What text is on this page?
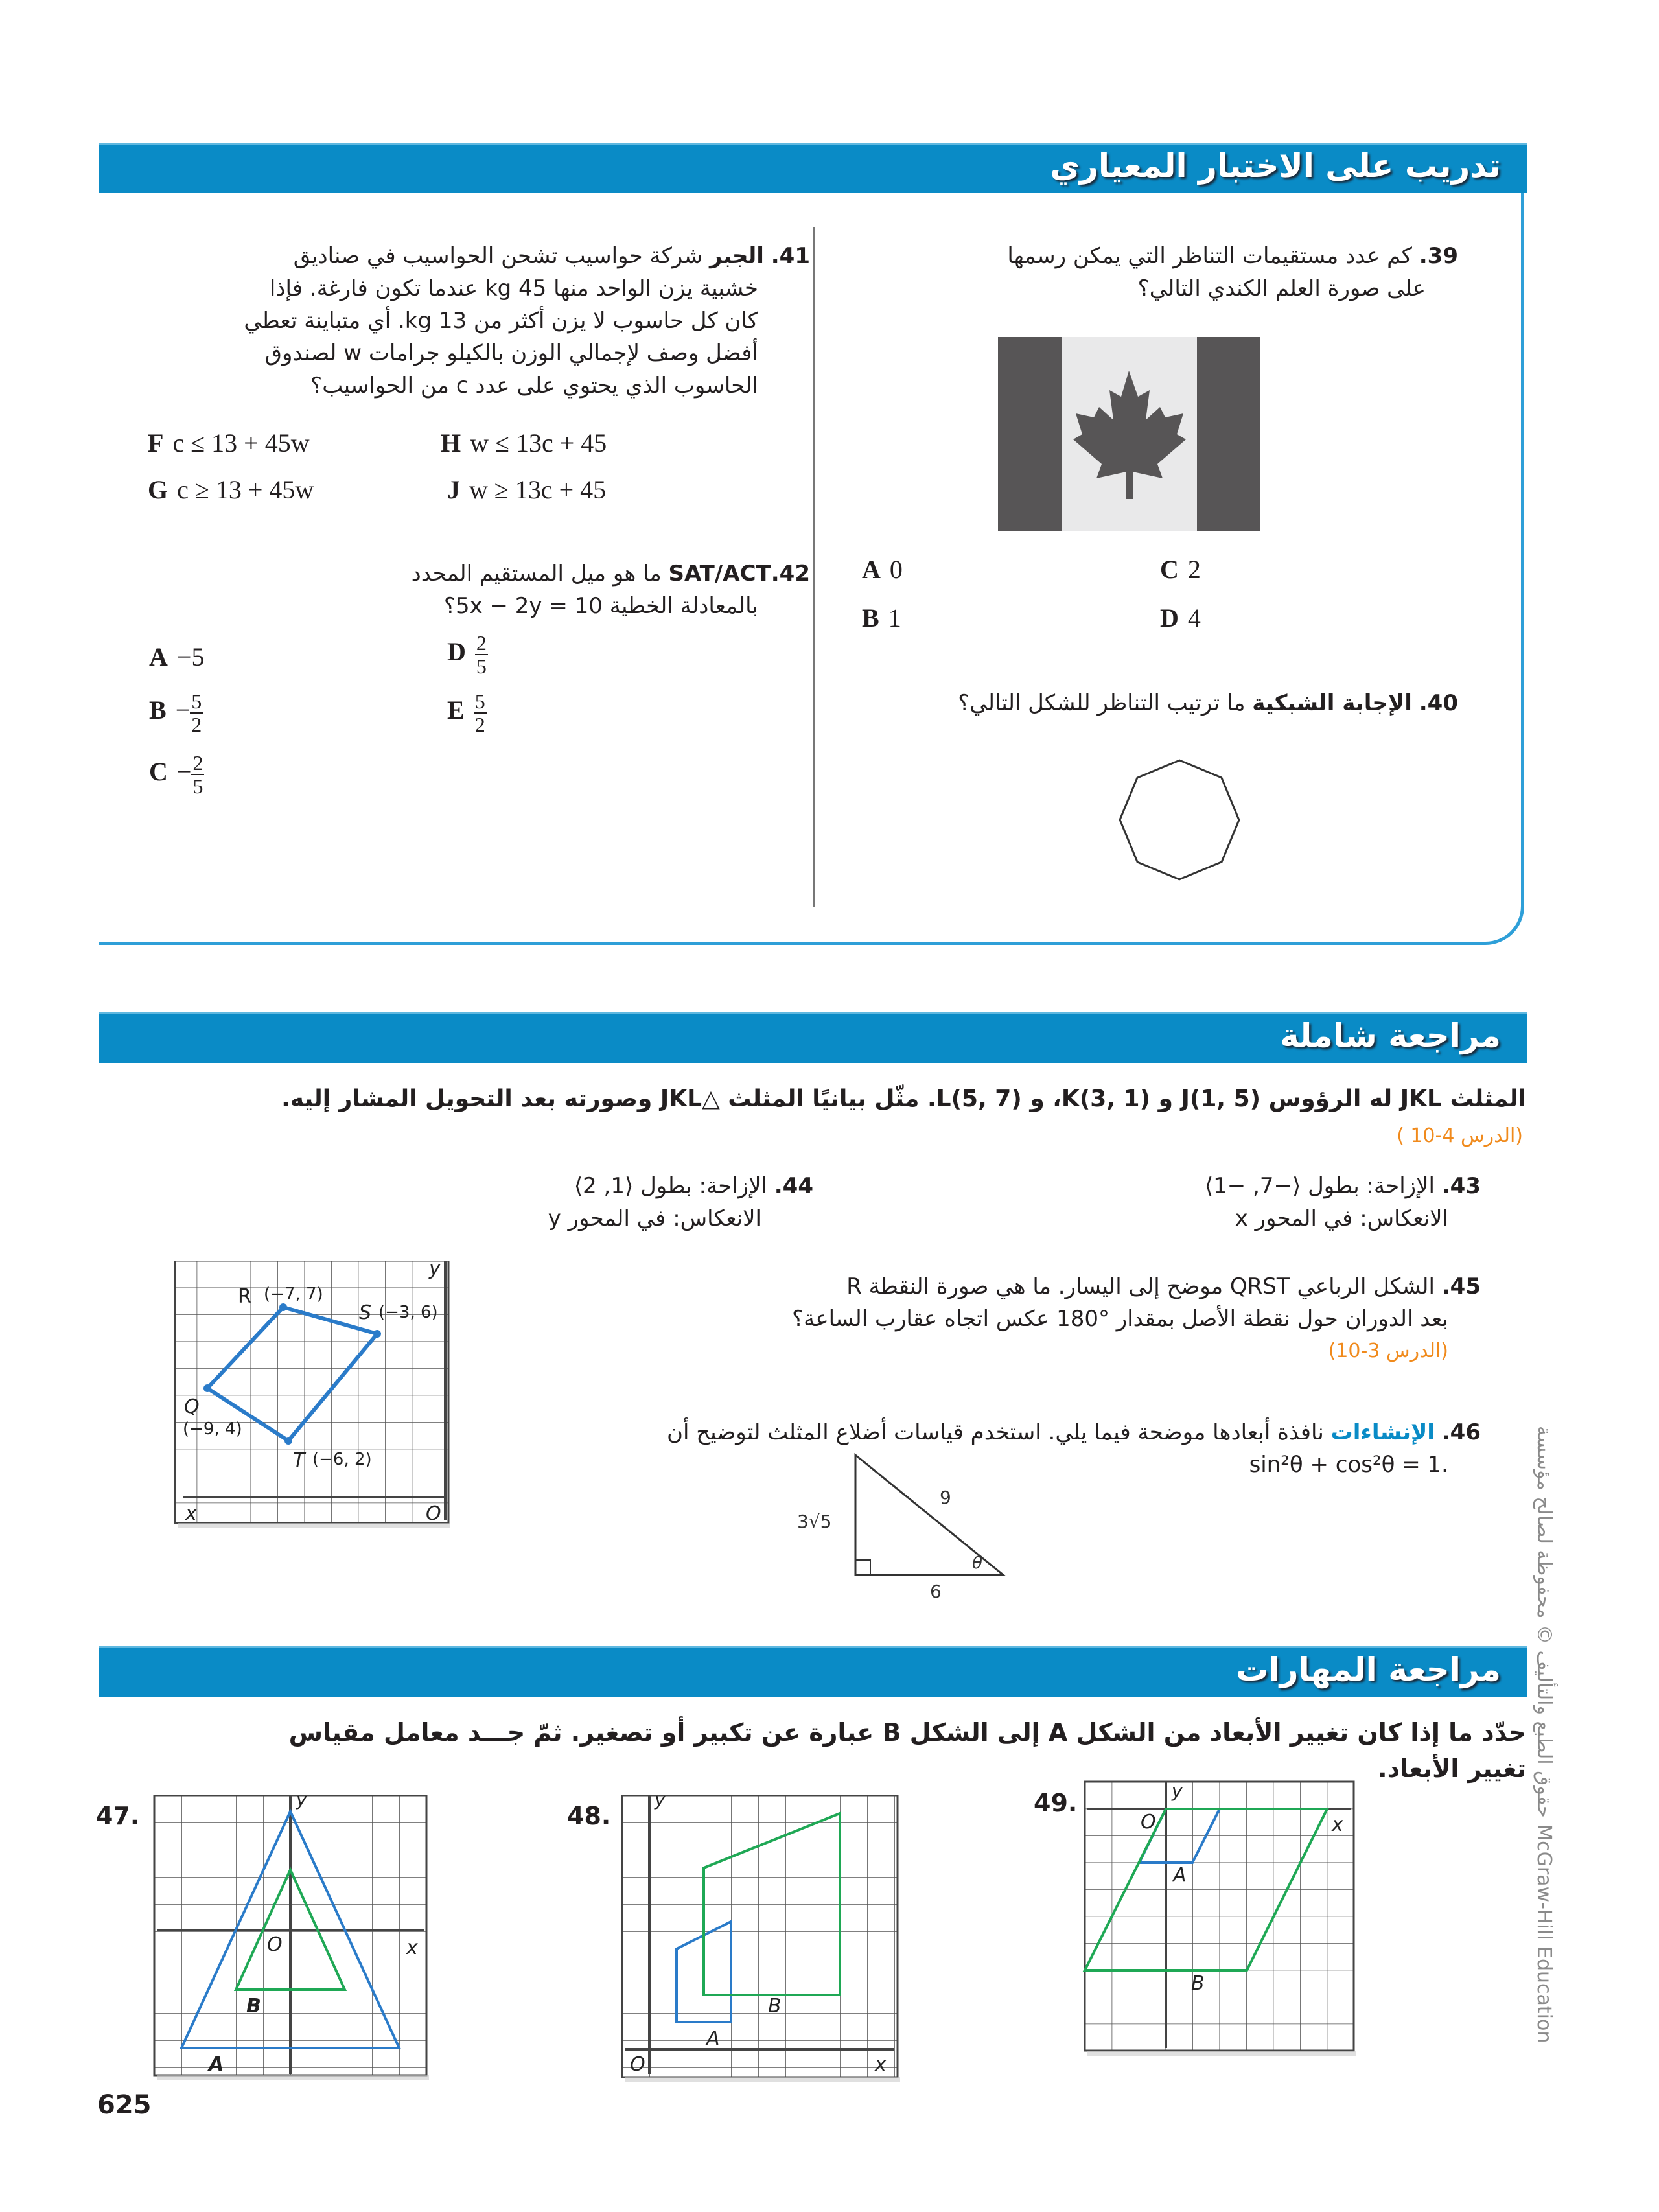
تدريب على الاختبار المعياري
39. كم عدد مستقيمات التناظر التي يمكن رسمها
على صورة العلم الكندي التالي؟
A 0
B 1
C 2
D 4
40. الإجابة الشبكية ما ترتيب التناظر للشكل التالي؟
41. الجبر شركة حواسيب تشحن الحواسيب في صناديق
خشبية يزن الواحد منها 45 kg عندما تكون فارغة. فإذا
كان كل حاسوب لا يزن أكثر من 13 kg. أي متباينة تعطي
أفضل وصف لإجمالي الوزن بالكيلو جرامات w لصندوق
الحاسوب الذي يحتوي على عدد c من الحواسيب؟
F c ≤ 13 + 45w
G c ≥ 13 + 45w
H w ≤ 13c + 45
J w ≥ 13c + 45
42.SAT/ACT ما هو ميل المستقيم المحدد
بالمعادلة الخطية 5x − 2y = 10؟
A −5
$B - \frac{5}{2}$
$C - \frac{2}{5}$
D $\frac{2}{5}$
E $\frac{5}{2}$
مراجعة شاملة
المثلث JKL له الرؤوس J(1, 5) و K(3, 1)، و L(5, 7). مثّل بيانيًا المثلث △JKL وصورته بعد التحويل المشار إليه.
(الدرس 4-10 )
43. الإزاحة: بطول ⟨−7, −1⟩
الانعكاس: في المحور x
44. الإزاحة: بطول ⟨1, 2⟩
الانعكاس: في المحور y
R (−7, 7)
S (−3, 6)
Q
(−9, 4)
T (−6, 2)
x
y
O
45. الشكل الرباعي QRST موضح إلى اليسار. ما هي صورة النقطة R
بعد الدوران حول نقطة الأصل بمقدار °180 عكس اتجاه عقارب الساعة؟
(الدرس 3-10)
46. الإنشاءات نافذة أبعادها موضحة فيما يلي. استخدم قياسات أضلاع المثلث لتوضيح أن
sin²θ + cos²θ = 1.
3√5
9
6
θ
مراجعة المهارات
حدّد ما إذا كان تغيير الأبعاد من الشكل A إلى الشكل B عبارة عن تكبير أو تصغير. ثمّ جـــد معامل مقياس تغيير الأبعاد.
47.
B
A
O	x
y
48.
A
B
O	x
y	49.
A
B
O	x
y
625
حقوق الطبع والتأليف © محفوظة لصالح مؤسسة McGraw-Hill Education
